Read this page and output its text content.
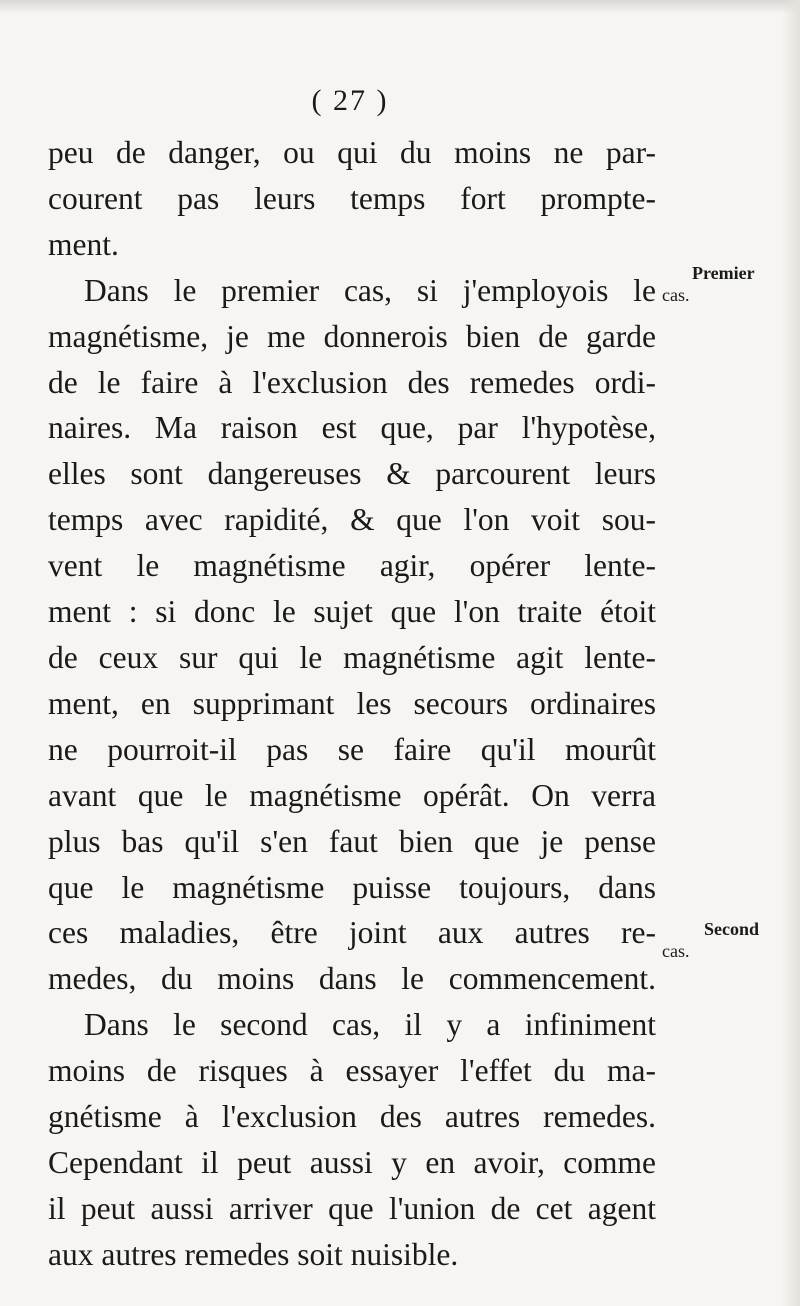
( 27 )
peu de danger, ou qui du moins ne par-
courent pas leurs temps fort prompte-
ment.
Dans le premier cas, si j'employois le
magnétisme, je me donnerois bien de garde
de le faire à l'exclusion des remedes ordi-
naires. Ma raison est que, par l'hypotèse,
elles sont dangereuses & parcourent leurs
temps avec rapidité, & que l'on voit sou-
vent le magnétisme agir, opérer lente-
ment : si donc le sujet que l'on traite étoit
de ceux sur qui le magnétisme agit lente-
ment, en supprimant les secours ordinaires
ne pourroit-il pas se faire qu'il mourût
avant que le magnétisme opérât. On verra
plus bas qu'il s'en faut bien que je pense
que le magnétisme puisse toujours, dans
ces maladies, être joint aux autres re-
medes, du moins dans le commencement.
Dans le second cas, il y a infiniment
moins de risques à essayer l'effet du ma-
gnétisme à l'exclusion des autres remedes.
Cependant il peut aussi y en avoir, comme
il peut aussi arriver que l'union de cet agent
aux autres remedes soit nuisible.
Premier
cas.
Second
cas.
